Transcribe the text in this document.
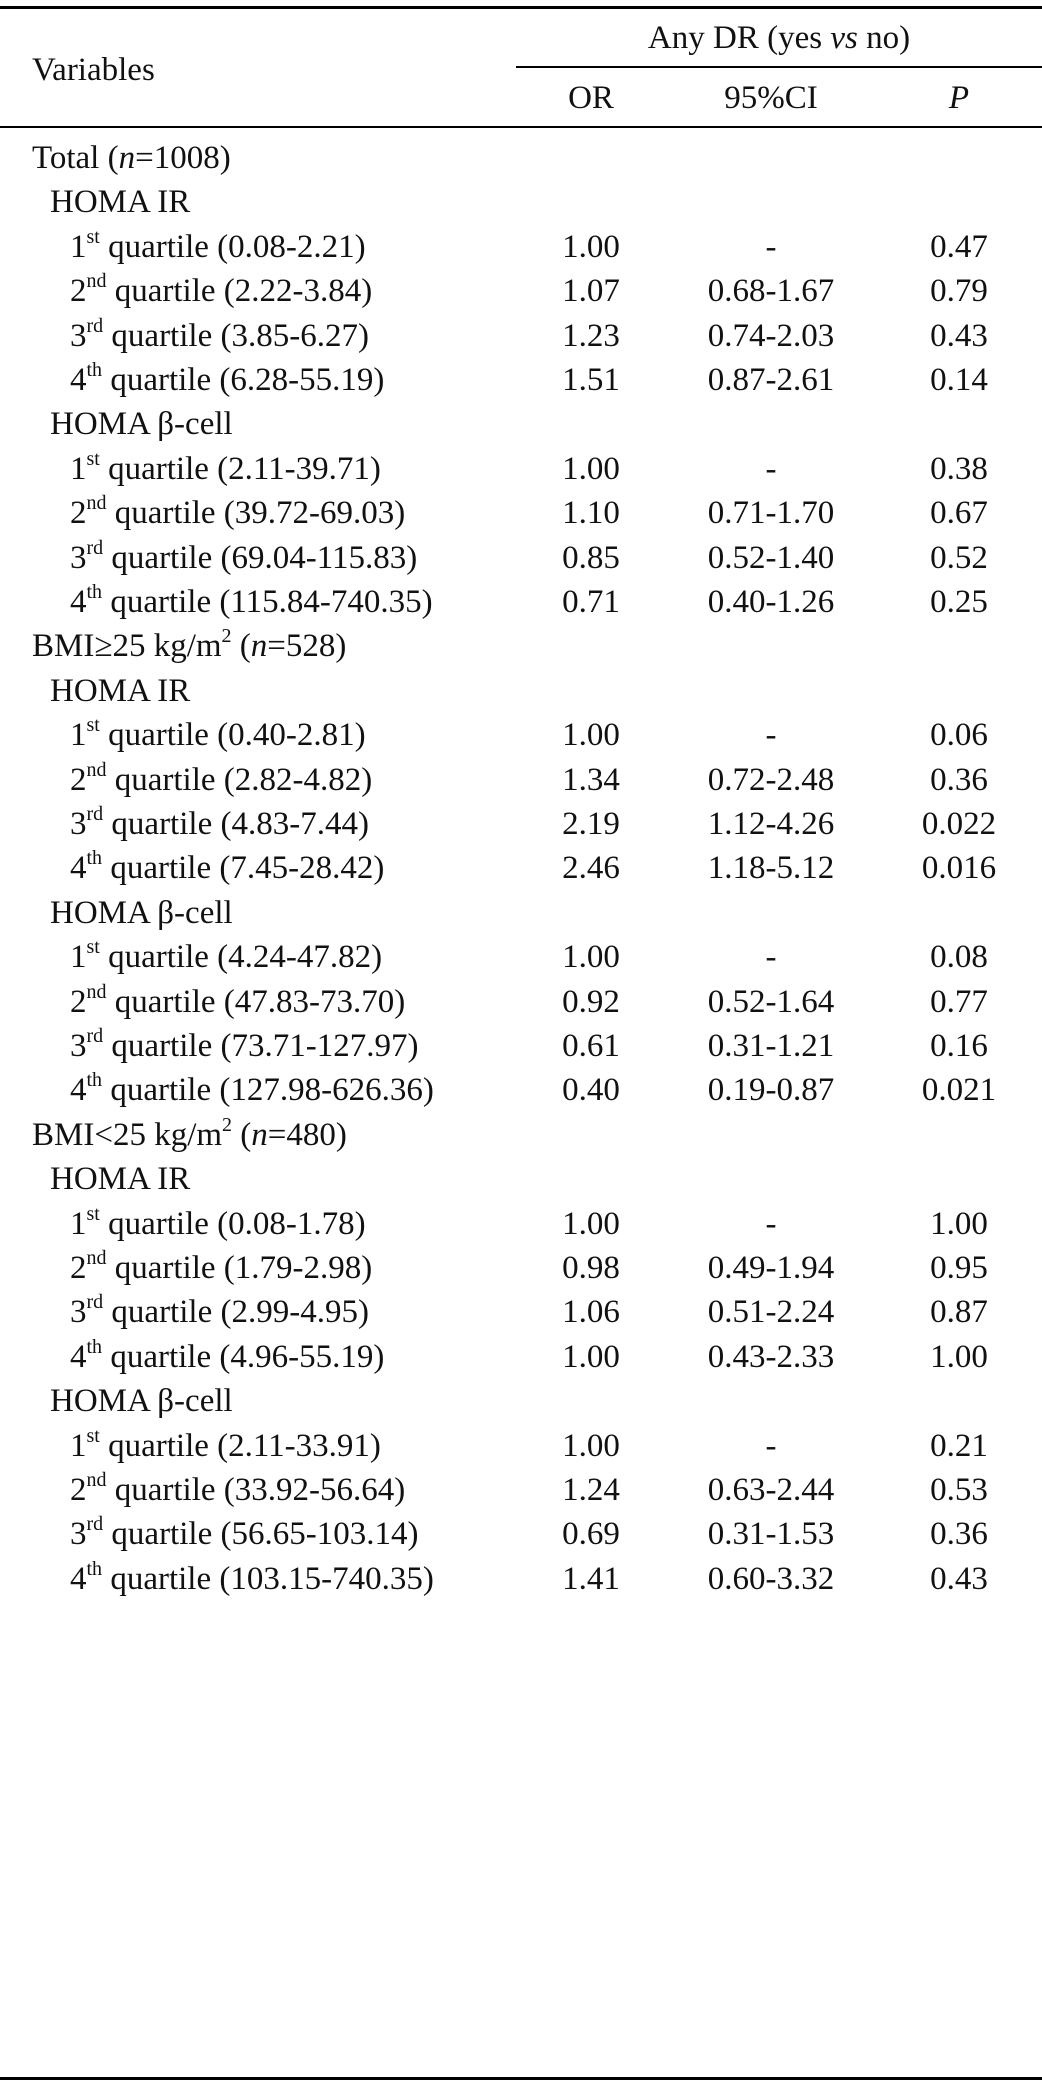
Variables
Any DR (yes vs no)
OR	95%CI	P
Total (n=1008)
HOMA IR
1st quartile (0.08-2.21)	1.00	-	0.47
2nd quartile (2.22-3.84)	1.07	0.68-1.67	0.79
3rd quartile (3.85-6.27)	1.23	0.74-2.03	0.43
4th quartile (6.28-55.19)	1.51	0.87-2.61	0.14
HOMA β-cell
1st quartile (2.11-39.71)	1.00	-	0.38
2nd quartile (39.72-69.03)	1.10	0.71-1.70	0.67
3rd quartile (69.04-115.83)	0.85	0.52-1.40	0.52
4th quartile (115.84-740.35)	0.71	0.40-1.26	0.25
BMI≥25 $kg/m^2$ (n=528)
HOMA IR
1st quartile (0.40-2.81)	1.00	-	0.06
2nd quartile (2.82-4.82)	1.34	0.72-2.48	0.36
3rd quartile (4.83-7.44)	2.19	1.12-4.26	0.022
4th quartile (7.45-28.42)	2.46	1.18-5.12	0.016
HOMA β-cell
1st quartile (4.24-47.82)	1.00	-	0.08
2nd quartile (47.83-73.70)	0.92	0.52-1.64	0.77
3rd quartile (73.71-127.97)	0.61	0.31-1.21	0.16
4th quartile (127.98-626.36)	0.40	0.19-0.87	0.021
BMI<25 $kg/m^2$ (n=480)
HOMA IR
1st quartile (0.08-1.78)	1.00	-	1.00
2nd quartile (1.79-2.98)	0.98	0.49-1.94	0.95
3rd quartile (2.99-4.95)	1.06	0.51-2.24	0.87
4th quartile (4.96-55.19)	1.00	0.43-2.33	1.00
HOMA β-cell
1st quartile (2.11-33.91)	1.00	-	0.21
2nd quartile (33.92-56.64)	1.24	0.63-2.44	0.53
3rd quartile (56.65-103.14)	0.69	0.31-1.53	0.36
4th quartile (103.15-740.35)	1.41	0.60-3.32	0.43
